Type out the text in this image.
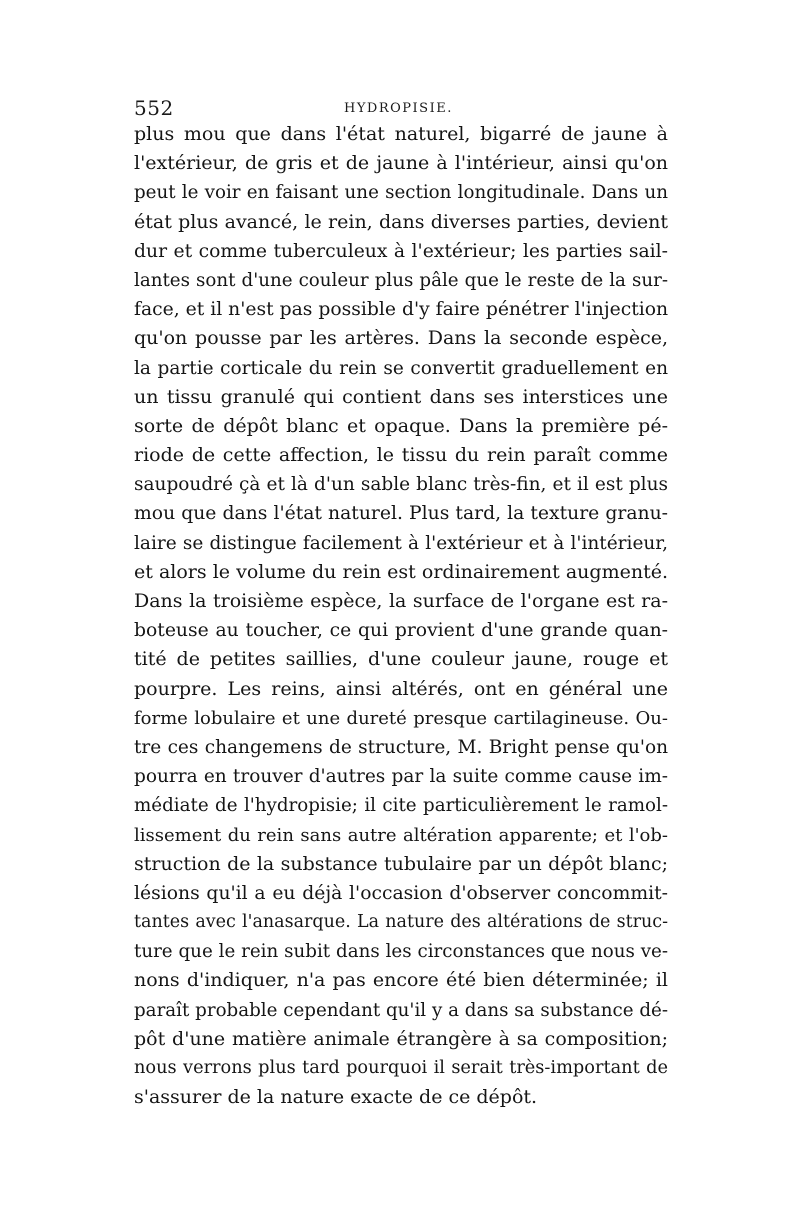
552	HYDROPISIE.
plus mou que dans l'état naturel, bigarré de jaune à
l'extérieur, de gris et de jaune à l'intérieur, ainsi qu'on
peut le voir en faisant une section longitudinale. Dans un
état plus avancé, le rein, dans diverses parties, devient
dur et comme tuberculeux à l'extérieur; les parties sail-
lantes sont d'une couleur plus pâle que le reste de la sur-
face, et il n'est pas possible d'y faire pénétrer l'injection
qu'on pousse par les artères. Dans la seconde espèce,
la partie corticale du rein se convertit graduellement en
un tissu granulé qui contient dans ses interstices une
sorte de dépôt blanc et opaque. Dans la première pé-
riode de cette affection, le tissu du rein paraît comme
saupoudré çà et là d'un sable blanc très-fin, et il est plus
mou que dans l'état naturel. Plus tard, la texture granu-
laire se distingue facilement à l'extérieur et à l'intérieur,
et alors le volume du rein est ordinairement augmenté.
Dans la troisième espèce, la surface de l'organe est ra-
boteuse au toucher, ce qui provient d'une grande quan-
tité de petites saillies, d'une couleur jaune, rouge et
pourpre. Les reins, ainsi altérés, ont en général une
forme lobulaire et une dureté presque cartilagineuse. Ou-
tre ces changemens de structure, M. Bright pense qu'on
pourra en trouver d'autres par la suite comme cause im-
médiate de l'hydropisie; il cite particulièrement le ramol-
lissement du rein sans autre altération apparente; et l'ob-
struction de la substance tubulaire par un dépôt blanc;
lésions qu'il a eu déjà l'occasion d'observer concommit-
tantes avec l'anasarque. La nature des altérations de struc-
ture que le rein subit dans les circonstances que nous ve-
nons d'indiquer, n'a pas encore été bien déterminée; il
paraît probable cependant qu'il y a dans sa substance dé-
pôt d'une matière animale étrangère à sa composition;
nous verrons plus tard pourquoi il serait très-important de
s'assurer de la nature exacte de ce dépôt.
